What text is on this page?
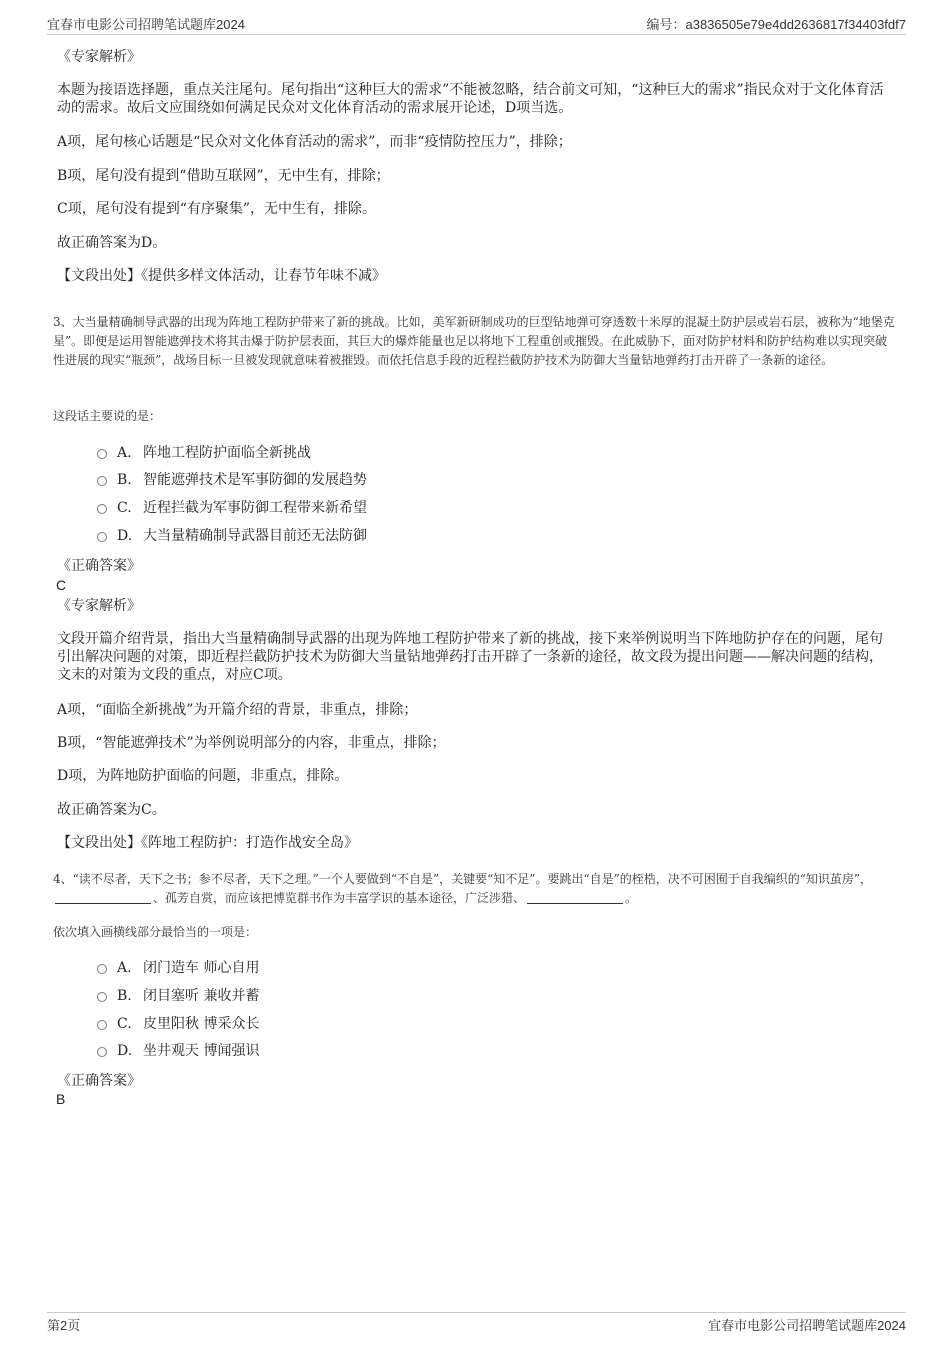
宜春市电影公司招聘笔试题库2024	编号：a3836505e79e4dd2636817f34403fdf7
《专家解析》

本题为接语选择题，重点关注尾句。尾句指出“这种巨大的需求”不能被忽略，结合前文可知，“这种巨大的需求”指民众对于文化体育活动的需求。故后文应围绕如何满足民众对文化体育活动的需求展开论述，D项当选。

A项，尾句核心话题是“民众对文化体育活动的需求”，而非“疫情防控压力”，排除；
B项，尾句没有提到“借助互联网”，无中生有，排除；
C项，尾句没有提到“有序聚集”，无中生有，排除。
故正确答案为D。
【文段出处】《提供多样文体活动，让春节年味不减》

3、大当量精确制导武器的出现为阵地工程防护带来了新的挑战。比如，美军新研制成功的巨型钻地弹可穿透数十米厚的混凝土防护层或岩石层，被称为“地堡克星”。即便是运用智能遮弹技术将其击爆于防护层表面，其巨大的爆炸能量也足以将地下工程重创或摧毁。在此威胁下，面对防护材料和防护结构难以实现突破性进展的现实“瓶颈”，战场目标一旦被发现就意味着被摧毁。而依托信息手段的近程拦截防护技术为防御大当量钻地弹药打击开辟了一条新的途径。

这段话主要说的是：
A. 阵地工程防护面临全新挑战
B. 智能遮弹技术是军事防御的发展趋势
C. 近程拦截为军事防御工程带来新希望
D. 大当量精确制导武器目前还无法防御
《正确答案》
C
《专家解析》

文段开篇介绍背景，指出大当量精确制导武器的出现为阵地工程防护带来了新的挑战，接下来举例说明当下阵地防护存在的问题，尾句引出解决问题的对策，即近程拦截防护技术为防御大当量钻地弹药打击开辟了一条新的途径，故文段为提出问题——解决问题的结构，文末的对策为文段的重点，对应C项。

A项，“面临全新挑战”为开篇介绍的背景，非重点，排除；
B项，“智能遮弹技术”为举例说明部分的内容，非重点，排除；
D项，为阵地防护面临的问题，非重点，排除。
故正确答案为C。
【文段出处】《阵地工程防护：打造作战安全岛》

4、“读不尽者，天下之书；参不尽者，天下之理。”一个人要做到“不自是”，关键要“知不足”。要跳出“自是”的桎梏，决不可困囿于自我编织的“知识茧房”，、孤芳自赏，而应该把博览群书作为丰富学识的基本途径，广泛涉猎、	。

依次填入画横线部分最恰当的一项是：
A. 闭门造车 师心自用
B. 闭目塞听 兼收并蓄
C. 皮里阳秋 博采众长
D. 坐井观天 博闻强识
《正确答案》
B
第2页	宜春市电影公司招聘笔试题库2024
